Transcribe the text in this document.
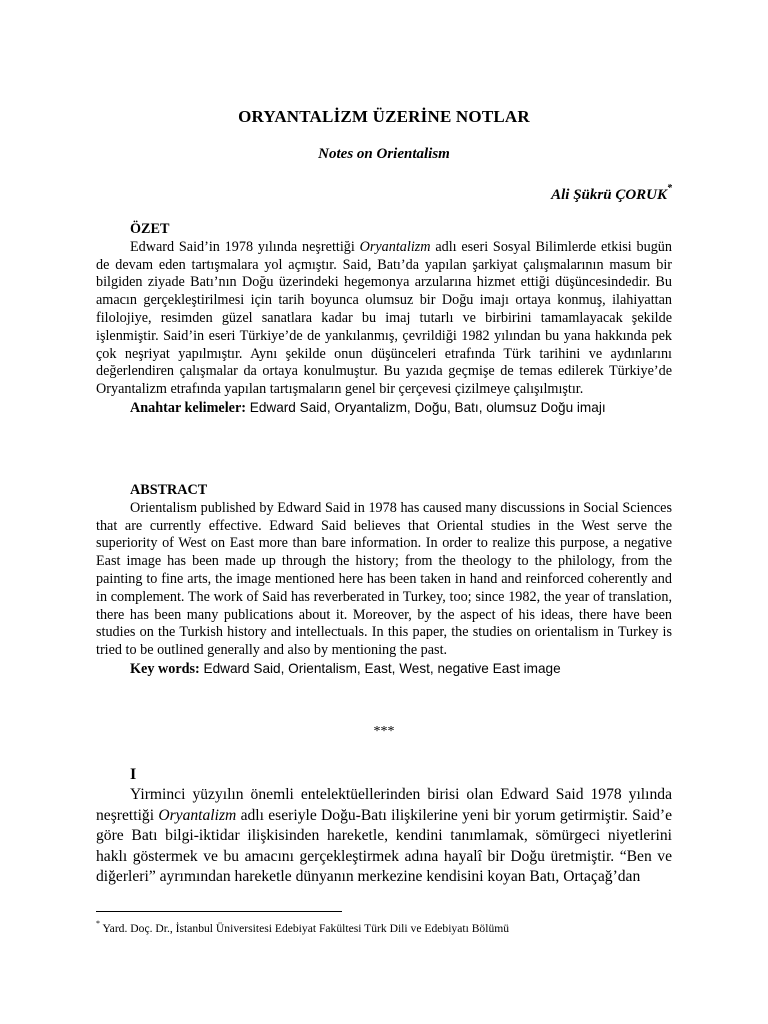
ORYANTALİZM ÜZERİNE NOTLAR
Notes on Orientalism
Ali Şükrü ÇORUK*
ÖZET

Edward Said’in 1978 yılında neşrettiği Oryantalizm adlı eseri Sosyal Bilimlerde etkisi bugün de devam eden tartışmalara yol açmıştır. Said, Batı’da yapılan şarkiyat çalışmalarının masum bir bilgiden ziyade Batı’nın Doğu üzerindeki hegemonya arzularına hizmet ettiği düşüncesindedir. Bu amacın gerçekleştirilmesi için tarih boyunca olumsuz bir Doğu imajı ortaya konmuş, ilahiyattan filolojiye, resimden güzel sanatlara kadar bu imaj tutarlı ve birbirini tamamlayacak şekilde işlenmiştir. Said’in eseri Türkiye’de de yankılanmış, çevrildiği 1982 yılından bu yana hakkında pek çok neşriyat yapılmıştır. Aynı şekilde onun düşünceleri etrafında Türk tarihini ve aydınlarını değerlendiren çalışmalar da ortaya konulmuştur. Bu yazıda geçmişe de temas edilerek Türkiye’de Oryantalizm etrafında yapılan tartışmaların genel bir çerçevesi çizilmeye çalışılmıştır.

Anahtar kelimeler: Edward Said, Oryantalizm, Doğu, Batı, olumsuz Doğu imajı

ABSTRACT

Orientalism published by Edward Said in 1978 has caused many discussions in Social Sciences that are currently effective. Edward Said believes that Oriental studies in the West serve the superiority of West on East more than bare information. In order to realize this purpose, a negative East image has been made up through the history; from the theology to the philology, from the painting to fine arts, the image mentioned here has been taken in hand and reinforced coherently and in complement. The work of Said has reverberated in Turkey, too; since 1982, the year of translation, there has been many publications about it. Moreover, by the aspect of his ideas, there have been studies on the Turkish history and intellectuals. In this paper, the studies on orientalism in Turkey is tried to be outlined generally and also by mentioning the past.

Key words: Edward Said, Orientalism, East, West, negative East image

***
I

Yirminci yüzyılın önemli entelektüellerinden birisi olan Edward Said 1978 yılında neşrettiği Oryantalizm adlı eseriyle Doğu-Batı ilişkilerine yeni bir yorum getirmiştir. Said’e göre Batı bilgi-iktidar ilişkisinden hareketle, kendini tanımlamak, sömürgeci niyetlerini haklı göstermek ve bu amacını gerçekleştirmek adına hayalî bir Doğu üretmiştir. “Ben ve diğerleri” ayrımından hareketle dünyanın merkezine kendisini koyan Batı, Ortaçağ’dan

* Yard. Doç. Dr., İstanbul Üniversitesi Edebiyat Fakültesi Türk Dili ve Edebiyatı Bölümü
